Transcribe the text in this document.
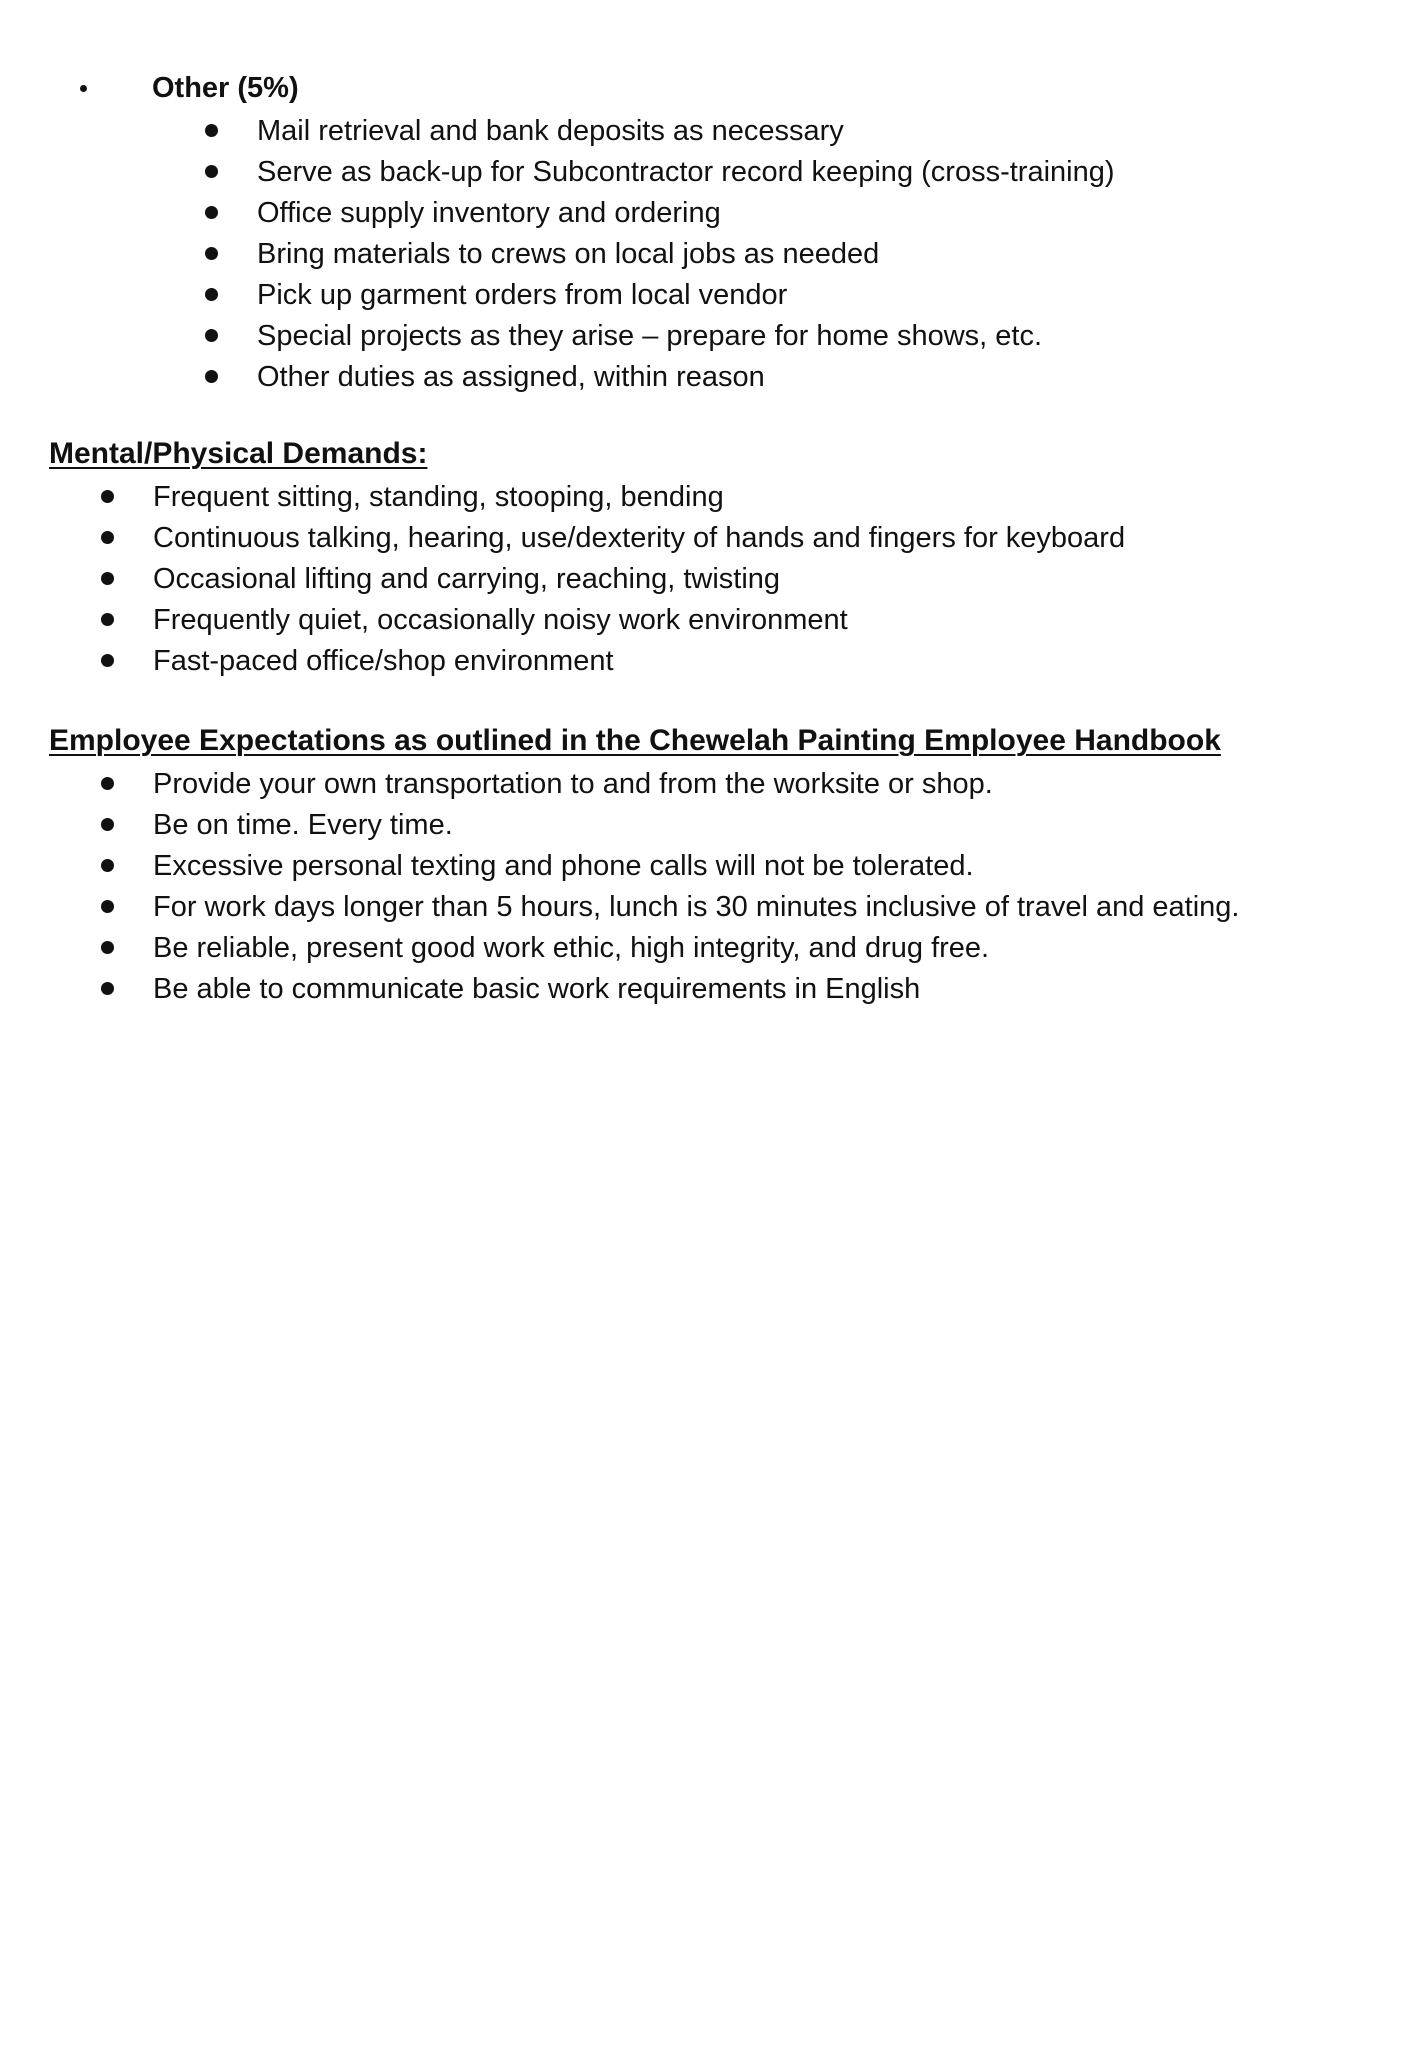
Other (5%)
Mail retrieval and bank deposits as necessary
Serve as back-up for Subcontractor record keeping (cross-training)
Office supply inventory and ordering
Bring materials to crews on local jobs as needed
Pick up garment orders from local vendor
Special projects as they arise – prepare for home shows, etc.
Other duties as assigned, within reason
Mental/Physical Demands:
Frequent sitting, standing, stooping, bending
Continuous talking, hearing, use/dexterity of hands and fingers for keyboard
Occasional lifting and carrying, reaching, twisting
Frequently quiet, occasionally noisy work environment
Fast-paced office/shop environment
Employee Expectations as outlined in the Chewelah Painting Employee Handbook
Provide your own transportation to and from the worksite or shop.
Be on time. Every time.
Excessive personal texting and phone calls will not be tolerated.
For work days longer than 5 hours, lunch is 30 minutes inclusive of travel and eating.
Be reliable, present good work ethic, high integrity, and drug free.
Be able to communicate basic work requirements in English
